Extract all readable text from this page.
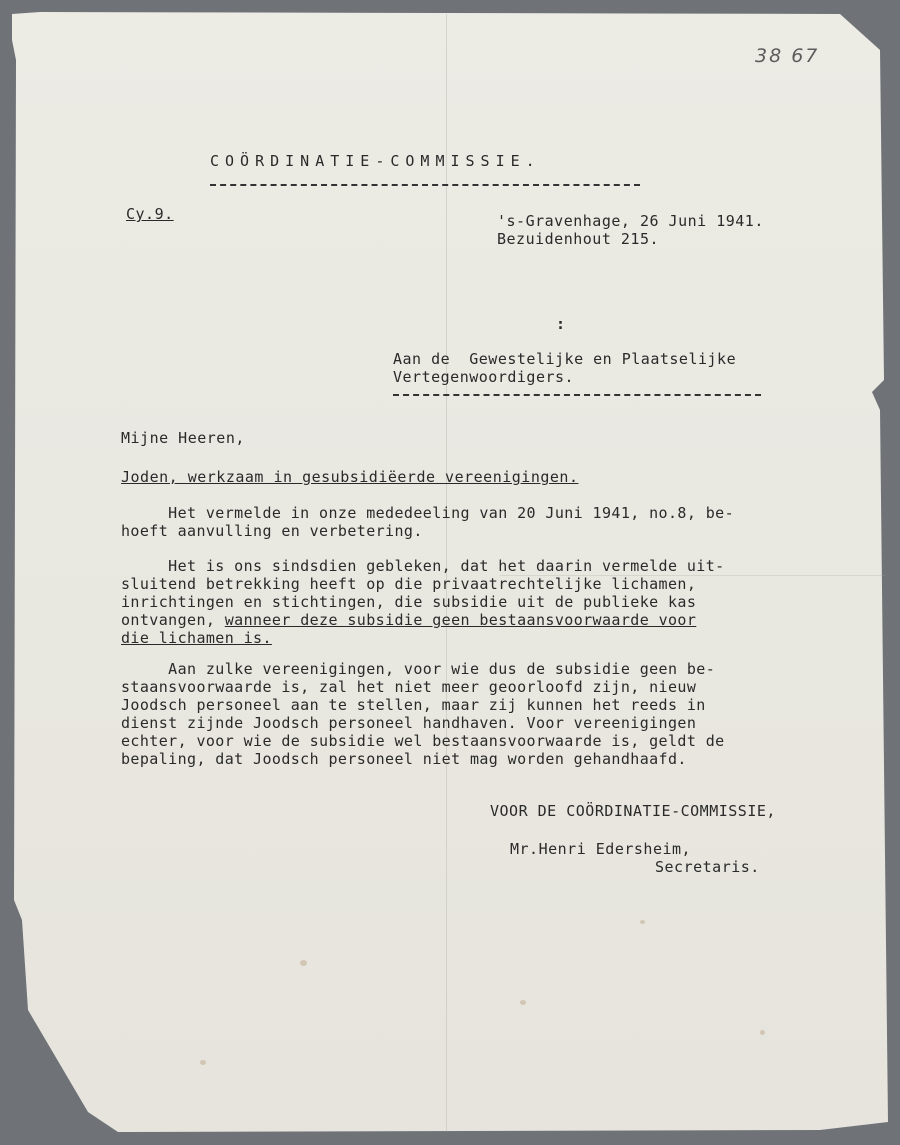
38 67
COÖRDINATIE-COMMISSIE.
Cy.9.	's-Gravenhage, 26 Juni 1941.
Bezuidenhout 215.
:
Aan de  Gewestelijke en Plaatselijke
Vertegenwoordigers.
Mijne Heeren,
Joden, werkzaam in gesubsidiëerde vereenigingen.
Het vermelde in onze mededeeling van 20 Juni 1941, no.8, be-
hoeft aanvulling en verbetering.
Het is ons sindsdien gebleken, dat het daarin vermelde uit-
sluitend betrekking heeft op die privaatrechtelijke lichamen,
inrichtingen en stichtingen, die subsidie uit de publieke kas
ontvangen, wanneer deze subsidie geen bestaansvoorwaarde voor
die lichamen is.
Aan zulke vereenigingen, voor wie dus de subsidie geen be-
staansvoorwaarde is, zal het niet meer geoorloofd zijn, nieuw
Joodsch personeel aan te stellen, maar zij kunnen het reeds in
dienst zijnde Joodsch personeel handhaven. Voor vereenigingen
echter, voor wie de subsidie wel bestaansvoorwaarde is, geldt de
bepaling, dat Joodsch personeel niet mag worden gehandhaafd.
VOOR DE COÖRDINATIE-COMMISSIE,
Mr.Henri Edersheim,
Secretaris.
